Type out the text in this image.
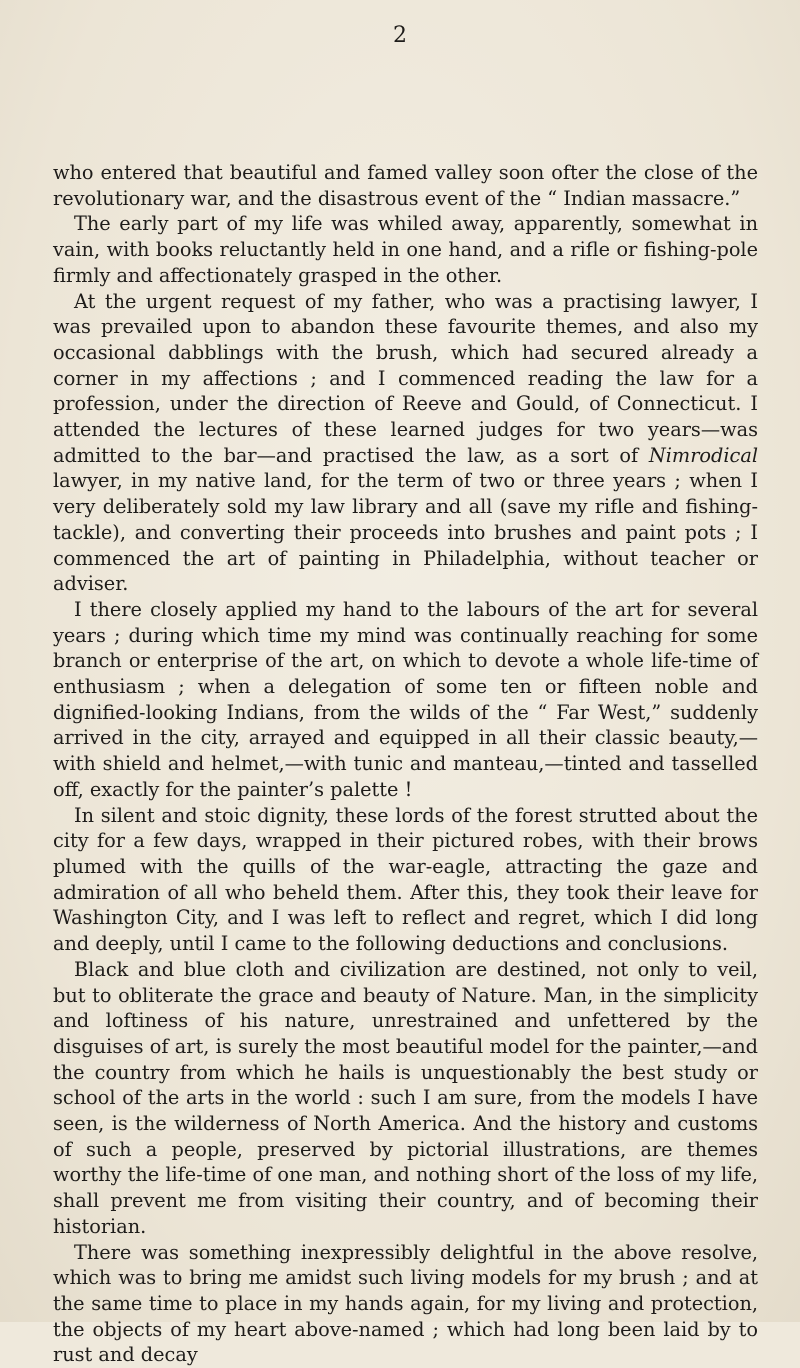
2

who entered that beautiful and famed valley soon ofter the close of the revolutionary war, and the disastrous event of the “ Indian massacre.”

The early part of my life was whiled away, apparently, somewhat in vain, with books reluctantly held in one hand, and a rifle or fishing-pole firmly and affectionately grasped in the other.

At the urgent request of my father, who was a practising lawyer, I was prevailed upon to abandon these favourite themes, and also my occasional dabblings with the brush, which had secured already a corner in my affections ; and I commenced reading the law for a profession, under the direction of Reeve and Gould, of Connecticut. I attended the lectures of these learned judges for two years—was admitted to the bar—and practised the law, as a sort of Nimrodical lawyer, in my native land, for the term of two or three years ; when I very deliberately sold my law library and all (save my rifle and fishing-tackle), and converting their proceeds into brushes and paint pots ; I commenced the art of painting in Philadelphia, without teacher or adviser.

I there closely applied my hand to the labours of the art for several years ; during which time my mind was continually reaching for some branch or enterprise of the art, on which to devote a whole life-time of enthusiasm ; when a delegation of some ten or fifteen noble and dignified-looking Indians, from the wilds of the “ Far West,” suddenly arrived in the city, arrayed and equipped in all their classic beauty,—with shield and helmet,—with tunic and manteau,—tinted and tasselled off, exactly for the painter’s palette !

In silent and stoic dignity, these lords of the forest strutted about the city for a few days, wrapped in their pictured robes, with their brows plumed with the quills of the war-eagle, attracting the gaze and admiration of all who beheld them. After this, they took their leave for Washington City, and I was left to reflect and regret, which I did long and deeply, until I came to the following deductions and conclusions.

Black and blue cloth and civilization are destined, not only to veil, but to obliterate the grace and beauty of Nature. Man, in the simplicity and loftiness of his nature, unrestrained and unfettered by the disguises of art, is surely the most beautiful model for the painter,—and the country from which he hails is unquestionably the best study or school of the arts in the world : such I am sure, from the models I have seen, is the wilderness of North America. And the history and customs of such a people, preserved by pictorial illustrations, are themes worthy the life-time of one man, and nothing short of the loss of my life, shall prevent me from visiting their country, and of becoming their historian.

There was something inexpressibly delightful in the above resolve, which was to bring me amidst such living models for my brush ; and at the same time to place in my hands again, for my living and protection, the objects of my heart above-named ; which had long been laid by to rust and decay
